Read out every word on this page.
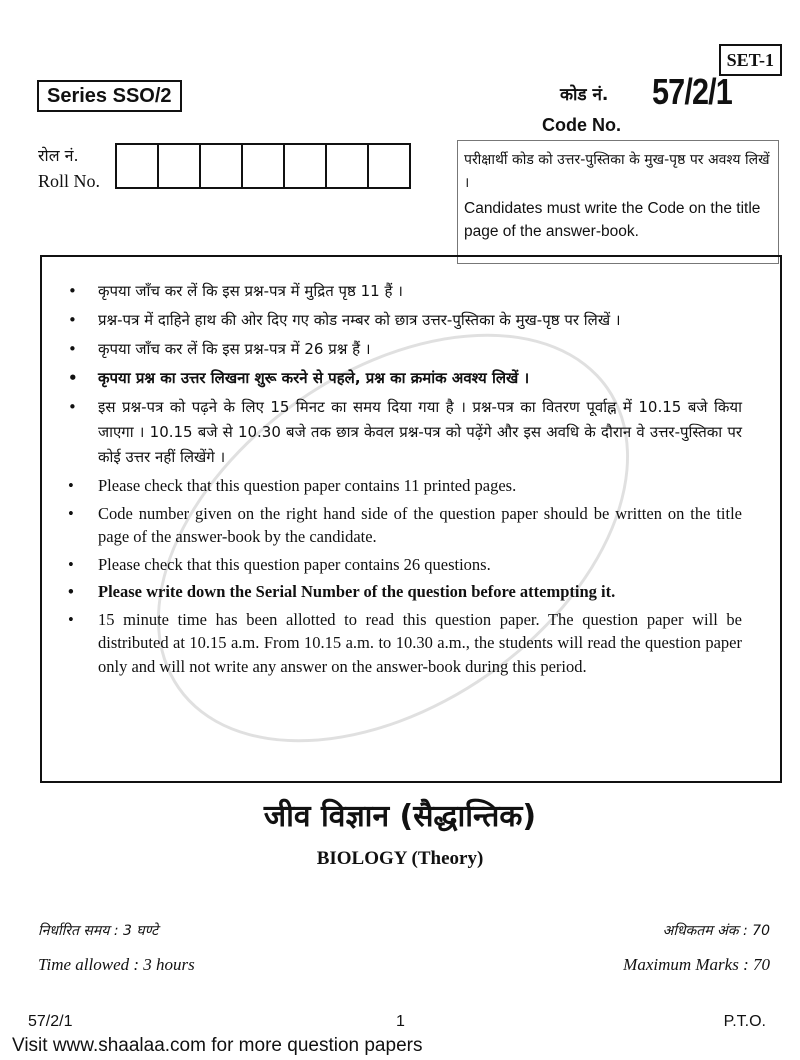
SET-1
Series SSO/2	कोड नं. 57/2/1
Code No.
रोल नं.
Roll No.
परीक्षार्थी कोड को उत्तर-पुस्तिका के मुख-पृष्ठ पर अवश्य लिखें ।
Candidates must write the Code on the title page of the answer-book.
• कृपया जाँच कर लें कि इस प्रश्न-पत्र में मुद्रित पृष्ठ 11 हैं ।
• प्रश्न-पत्र में दाहिने हाथ की ओर दिए गए कोड नम्बर को छात्र उत्तर-पुस्तिका के मुख-पृष्ठ पर लिखें ।
• कृपया जाँच कर लें कि इस प्रश्न-पत्र में 26 प्रश्न हैं ।
• कृपया प्रश्न का उत्तर लिखना शुरू करने से पहले, प्रश्न का क्रमांक अवश्य लिखें ।
• इस प्रश्न-पत्र को पढ़ने के लिए 15 मिनट का समय दिया गया है । प्रश्न-पत्र का वितरण पूर्वाह्न में 10.15 बजे किया जाएगा । 10.15 बजे से 10.30 बजे तक छात्र केवल प्रश्न-पत्र को पढ़ेंगे और इस अवधि के दौरान वे उत्तर-पुस्तिका पर कोई उत्तर नहीं लिखेंगे ।
• Please check that this question paper contains 11 printed pages.
• Code number given on the right hand side of the question paper should be written on the title page of the answer-book by the candidate.
• Please check that this question paper contains 26 questions.
• Please write down the Serial Number of the question before attempting it.
• 15 minute time has been allotted to read this question paper. The question paper will be distributed at 10.15 a.m. From 10.15 a.m. to 10.30 a.m., the students will read the question paper only and will not write any answer on the answer-book during this period.
जीव विज्ञान (सैद्धान्तिक)
BIOLOGY (Theory)
निर्धारित समय : 3 घण्टे	अधिकतम अंक : 70
Time allowed : 3 hours	Maximum Marks : 70
57/2/1	1	P.T.O.
Visit www.shaalaa.com for more question papers
